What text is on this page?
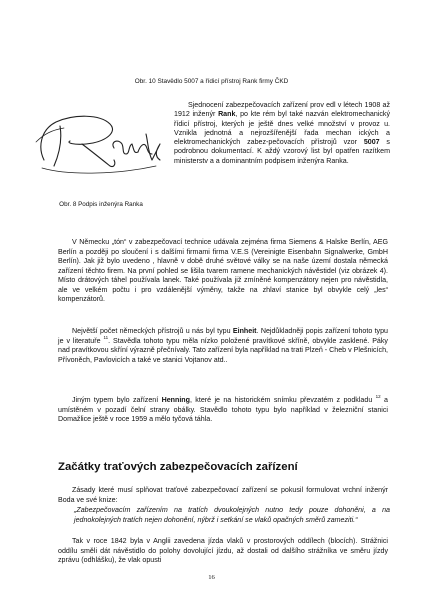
Obr. 10 Stavědlo 5007 a řídicí přístroj Rank firmy ČKD
Obr. 8 Podpis inženýra Ranka

Sjednocení zabezpečovacích zařízení prov edl v létech 1908 až 1912 inženýr Rank, po kte rém byl také nazván elektromechanický řídicí přístroj, kterých je ještě dnes velké množství v provoz u. Vznikla jednotná a nejrozšířenější řada mechan ických a elektromechanických zabez-pečovacích přístrojů vzor 5007 s podrobnou dokumentací. K aždý vzorový list byl opatřen razítkem ministerstv a a dominantním podpisem inženýra Ranka.

V Německu „tón“ v zabezpečovací technice udávala zejména firma Siemens & Halske Berlín, AEG Berlín a později po sloučení i s dalšími firmami firma V.E.S (Vereinigte Eisenbahn Signalwerke, GmbH Berlín). Jak již bylo uvedeno , hlavně v době druhé světové války se na naše území dostala německá zařízení těchto firem. Na první pohled se lišila tvarem ramenе mechanických návěstidel (viz obrázek 4). Místo drátových táhel používala lanek. Také používala již zmíněné kompenzátory nejen pro návěstidla, ale ve velkém počtu i pro vzdálenější výměny, takže na zhlaví stanice byl obvykle celý „les“ kompenzátorů.

Největší počet německých přístrojů u nás byl typu Einheit. Nejdůkladněji popis zařízení tohoto typu je v literatuře $^{11}$. Stavědla tohoto typu měla nízko položené pravítkové skříně, obvykle zasklené. Páky nad pravítkovou skříní výrazně přečnívaly. Tato zařízení byla například na trati Plzeň - Cheb v Plešnicích, Přívoněch, Pavlovicích a také ve stanici Vojtanov atd..

Jiným typem bylo zařízení Henning, které je na historickém snímku převzatém z podkladu $^{12}$ a umístěném v pozadí čelní strany obálky. Stavědlo tohoto typu bylo například v železniční stanici Domažlice ještě v roce 1959 a mělo tyčová táhla.

Začátky traťových zabezpečovacích zařízení

Zásady které musí splňovat traťové zabezpečovací zařízení se pokusil formulovat vrchní inženýr Boda ve své knize:

„Zabezpečovacím zařízením na tratích dvoukolejných nutno tedy pouze dohoněni, a na jednokolejných tratích nejen dohonění, nýbrž i setkání se vlaků opačných směrů zameziti.“

Tak v roce 1842 byla v Anglii zavedena jízda vlaků v prostorových oddílech (blocích). Strážnici oddílu směli dát návěstidlo do polohy dovolující jízdu, až dostali od dalšího strážníka ve směru jízdy zprávu (odhlášku), že vlak opusti

16
